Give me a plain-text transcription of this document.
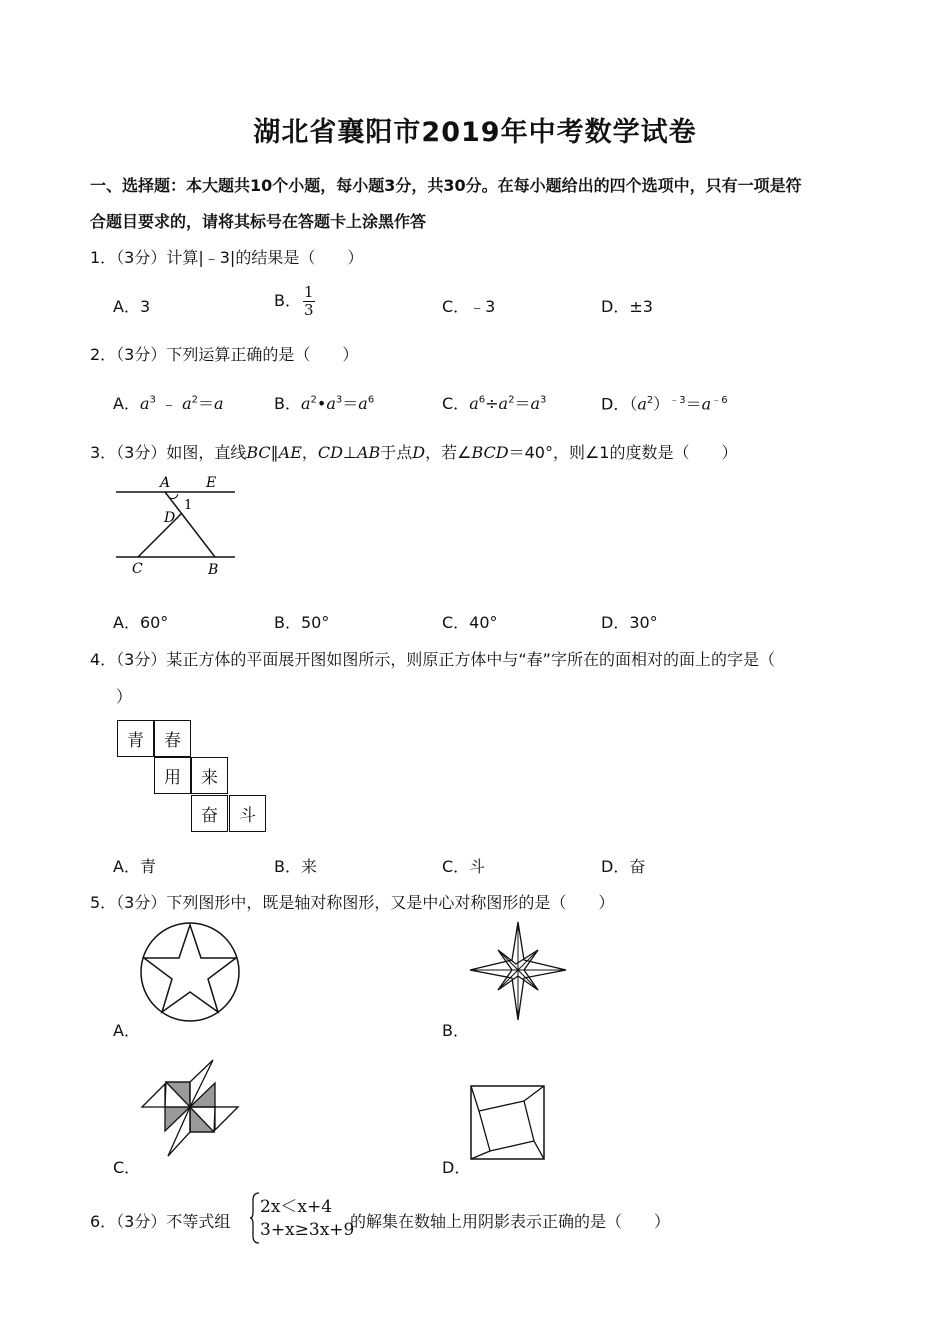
湖北省襄阳市2019年中考数学试卷
一、选择题：本大题共10个小题，每小题3分，共30分。在每小题给出的四个选项中，只有一项是符
合题目要求的，请将其标号在答题卡上涂黑作答
1．（3分）计算|﹣3|的结果是（　　）
A．3	B． $\frac{1}{3}$	C．﹣3	D．±3
2．（3分）下列运算正确的是（　　）
A．$a^3$ ﹣ $a^2=a$	B．$a^2•a^3=a^6$	C．$a^6\div a^2=a^3$	D．$(a^2)^{﹣3}=a^{﹣6}$
3．（3分）如图，直线BC∥AE，CD⊥AB于点D，若∠BCD＝40°，则∠1的度数是（　　）
A	E
1
D
C	B
A．60°	B．50°	C．40°	D．30°
4．（3分）某正方体的平面展开图如图所示，则原正方体中与“春”字所在的面相对的面上的字是（
）
青	春
用	来
奋	斗
A．青	B．来	C．斗	D．奋
5．（3分）下列图形中，既是轴对称图形，又是中心对称图形的是（　　）
A．	B．
C．	D．
6．（3分）不等式组
2x＜x+4
3+x≥3x+9
的解集在数轴上用阴影表示正确的是（　　）
